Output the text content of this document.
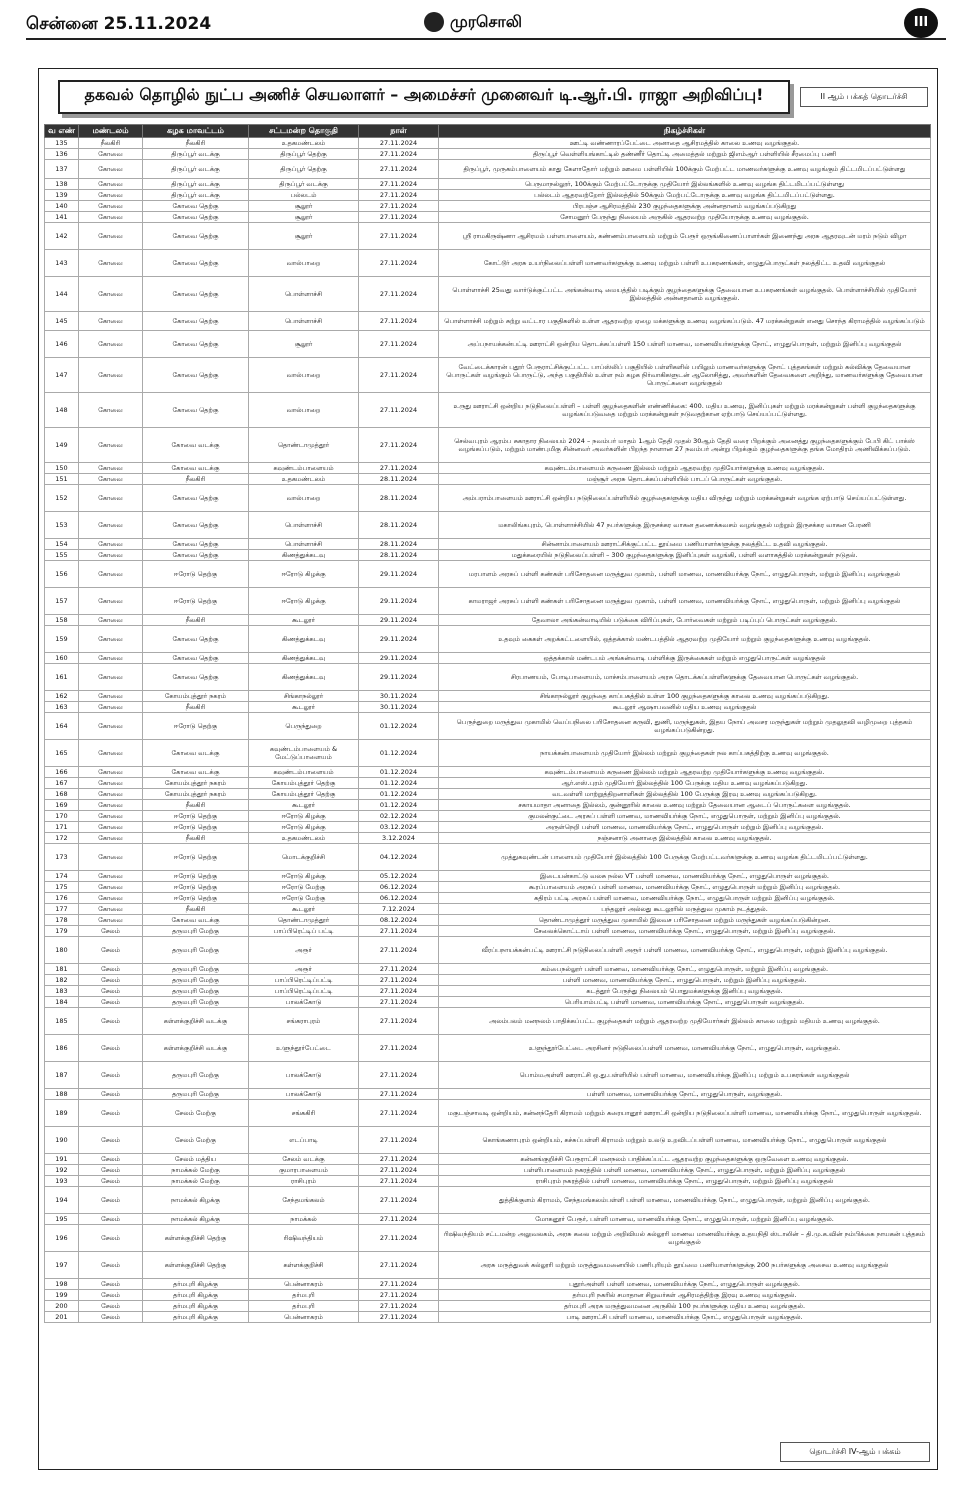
சென்னை 25.11.2024	முரசொலி	III
தகவல் தொழில் நுட்ப அணிச் செயலாளர் – அமைச்சர் முனைவர் டி.ஆர்.பி. ராஜா அறிவிப்பு!	II ஆம் பக்கத் தொடர்ச்சி
வ எண்	மண்டலம்	கழக மாவட்டம்	சட்டமன்ற தொகுதி	நாள்	நிகழ்ச்சிகள்
135	நீலகிரி	நீலகிரி	உதகமண்டலம்	27.11.2024	ஊட்டி வண்ணாரப்பேட்டை அனாதை ஆசிரமத்தில் காலை உணவு வழங்குதல்.
136	கோவை	திருப்பூர் வடக்கு	திருப்பூர் தெற்கு	27.11.2024	திருப்பூர் வெள்ளியங்காட்டில் தண்ணீர் தொட்டி அமைத்தல் மற்றும் ஜிஎம்ஆர் பள்ளியில் சீரமைப்பு பணி
137	கோவை	திருப்பூர் வடக்கு	திருப்பூர் தெற்கு	27.11.2024	திருப்பூர், முருகம்பாளையம் காது கேளாதோர் மற்றும் ஊமை பள்ளியில் 100க்கும் மேற்பட்ட மாணவர்களுக்கு உணவு வழங்கும் திட்டமிடப்பட்டுள்ளது
138	கோவை	திருப்பூர் வடக்கு	திருப்பூர் வடக்கு	27.11.2024	பெருமாநல்லூர், 100க்கும் மேற்பட்டோருக்கு முதியோர் இல்லங்களில் உணவு வழங்க திட்டமிடப்பட்டுள்ளது
139	கோவை	திருப்பூர் வடக்கு	பல்லடம்	27.11.2024	பல்லடம் ஆதரவற்றோர் இல்லத்தில் 50க்கும் மேற்பட்டோருக்கு உணவு வழங்க திட்டமிடப்பட்டுள்ளது.
140	கோவை	கோவை தெற்கு	சூலூர்	27.11.2024	பிரபஞ்ச ஆசிரமத்தில் 230 குழந்தைகளுக்கு அன்னதானம் வழங்கப்படுகிறது
141	கோவை	கோவை தெற்கு	சூலூர்	27.11.2024	சோமனூர் பேருந்து நிலையம் அருகில் ஆதரவற்ற முதியோருக்கு உணவு வழங்குதல்.
142	கோவை	கோவை தெற்கு	சூலூர்	27.11.2024	ஸ்ரீ ராமகிருஷ்ணா ஆசிரமம் பள்ளபாளையம், கண்ணம்பாளையம் மற்றும் பேரூர் ஒருங்கிணைப்பாளர்கள் இணைந்து அரசு ஆதரவுடன் மரம் நடும் விழா
143	கோவை	கோவை தெற்கு	வால்பாறை	27.11.2024	கோட்டூர் அரசு உயர்நிலைப்பள்ளி மாணவர்களுக்கு உணவு மற்றும் பள்ளி உபகரணங்கள், எழுதுபொருட்கள் நலத்திட்ட உதவி வழங்குதல்
144	கோவை	கோவை தெற்கு	பொள்ளாச்சி	27.11.2024	பொள்ளாச்சி 25வது வார்டுக்குட்பட்ட அங்கன்வாடி மையத்தில் படிக்கும் குழந்தைகளுக்கு தேவையான உபகரணங்கள் வழங்குதல். பொள்ளாச்சியில் முதியோர் இல்லத்தில் அன்னதானம் வழங்குதல்.
145	கோவை	கோவை தெற்கு	பொள்ளாச்சி	27.11.2024	பொள்ளாச்சி மற்றும் சுற்று வட்டார பகுதிகளில் உள்ள ஆதரவற்ற ஏழை மக்களுக்கு உணவு வழங்கப்படும். 47 மரக்கன்றுகள் எனது சொந்த கிராமத்தில் வழங்கப்படும்
146	கோவை	கோவை தெற்கு	சூலூர்	27.11.2024	அப்பநாயக்கன்பட்டி ஊராட்சி ஒன்றிய தொடக்கப்பள்ளி 150 பள்ளி மாணவ, மாணவியர்களுக்கு நோட், எழுதுபொருள், மற்றும் இனிப்பு வழங்குதல்
147	கோவை	கோவை தெற்கு	வால்பாறை	27.11.2024	வேட்டைக்காரன் புதூர் பேரூராட்சிக்குட்பட்ட பாப்ஸ்லிப் பகுதியில் பள்ளிகளில் பயிலும் மாணவர்களுக்கு நோட் புத்தகங்கள் மற்றும் கல்விக்கு தேவையான பொருட்கள் வழங்கும் பொருட்டு, அந்த பகுதியில் உள்ள நம் கழக நிர்வாகிகளுடன் ஆலோசித்து, அவர்களின் தேவைகளை அறிந்து, மாணவர்களுக்கு தேவையான பொருட்களை வழங்குதல்
148	கோவை	கோவை தெற்கு	வால்பாறை	27.11.2024	உருது ஊராட்சி ஒன்றிய நடுநிலைப்பள்ளி – பள்ளி குழந்தைகளின் எண்ணிக்கை: 400. மதிய உணவு, இனிப்புகள் மற்றும் மரக்கன்றுகள் பள்ளி குழந்தைகளுக்கு வழங்கப்படுவதை மற்றும் மரக்கன்றுகள் நடுவதற்கான ஏற்பாடு செய்யப்பட்டுள்ளது.
149	கோவை	கோவை வடக்கு	தொண்டாமுத்தூர்	27.11.2024	செல்வபுரம் ஆரம்ப சுகாதார நிலையம் 2024 – நவம்பர் மாதம் 1ஆம் தேதி முதல் 30ஆம் தேதி வரை பிறக்கும் அனைத்து குழந்தைகளுக்கும் பேபி கிட் பாக்ஸ் வழங்கப்படும், மற்றும் மாண்புமிகு சின்னவர் அவர்களின் பிறந்த நாளான 27 நவம்பர் அன்று பிறக்கும் குழந்தைகளுக்கு தங்க மோதிரம் அணிவிக்கப்படும்.
150	கோவை	கோவை வடக்கு	கவுண்டம்பாளையம்	27.11.2024	கவுண்டம்பாளையம் கருணை இல்லம் மற்றும் ஆதரவற்ற முதியோர்களுக்கு உணவு வழங்குதல்.
151	கோவை	நீலகிரி	உதகமண்டலம்	28.11.2024	மஞ்சூர் அரசு தொடக்கப்பள்ளியில் பாடப் பொருட்கள் வழங்குதல்.
152	கோவை	கோவை தெற்கு	வால்பாறை	28.11.2024	அம்பராம்பாளையம் ஊராட்சி ஒன்றிய நடுநிலைப்பள்ளியில் குழந்தைகளுக்கு மதிய விருந்து மற்றும் மரக்கன்றுகள் வழங்க ஏற்பாடு செய்யப்பட்டுள்ளது.
153	கோவை	கோவை தெற்கு	பொள்ளாச்சி	28.11.2024	மகாலிங்கபுரம், பொள்ளாச்சியில் 47 நபர்களுக்கு இருசக்கர வாகன தணைக்கவசம் வழங்குதல் மற்றும் இருசக்கர வாகன பேரணி
154	கோவை	கோவை தெற்கு	பொள்ளாச்சி	28.11.2024	சின்னாம்பாளையம் ஊராட்சிக்குட்பட்ட தூய்மை பணியாளர்களுக்கு நலத்திட்ட உதவி வழங்குதல்.
155	கோவை	கோவை தெற்கு	கிணத்துக்கடவு	28.11.2024	மதுக்கரையில் நடுநிலைப்பள்ளி – 300 குழந்தைகளுக்கு இனிப்புகள் வழங்கி, பள்ளி வளாகத்தில் மரக்கன்றுகள் நடுதல்.
156	கோவை	ஈரோடு தெற்கு	ஈரோடு கிழக்கு	29.11.2024	மரபாளம் அரசுப் பள்ளி கண்கள் பரிசோதனை மருத்துவ முகாம், பள்ளி மாணவ, மாணவியர்க்கு நோட், எழுதுபொருள், மற்றும் இனிப்பு வழங்குதல்
157	கோவை	ஈரோடு தெற்கு	ஈரோடு கிழக்கு	29.11.2024	காமராஜர் அரசுப் பள்ளி கண்கள் பரிசோதனை மருத்துவ முகாம், பள்ளி மாணவ, மாணவியர்க்கு நோட், எழுதுபொருள், மற்றும் இனிப்பு வழங்குதல்
158	கோவை	நீலகிரி	கூடலூர்	29.11.2024	தேவாலா அங்கன்வாடியில் படுக்கை விரிப்புகள், போர்வைகள் மற்றும் படிப்புப் பொருட்கள் வழங்குதல்.
159	கோவை	கோவை தெற்கு	கிணத்துக்கடவு	29.11.2024	உதவும் கைகள் அறக்கட்டளையில், ஒத்தக்கால் மண்டபத்தில் ஆதரவற்ற முதியோர் மற்றும் குழந்தைகளுக்கு உணவு வழங்குதல்.
160	கோவை	கோவை தெற்கு	கிணத்துக்கடவு	29.11.2024	ஒத்தக்கால் மண்டபம் அங்கன்வாடி பள்ளிக்கு இருக்கைகள் மற்றும் எழுதுபொருட்கள் வழங்குதல்
161	கோவை	கோவை தெற்கு	கிணத்துக்கடவு	29.11.2024	சிரபாணயம், போடிபாளையம், மாச்சம்பாளையம் அரசு தொடக்கப்பள்ளிகளுக்கு தேவையான பொருட்கள் வழங்குதல்.
162	கோவை	கோயம்புத்தூர் நகரம்	சிங்காநல்லூர்	30.11.2024	சிங்காநல்லூர் குழந்தை காப்பகத்தில் உள்ள 100 குழந்தைகளுக்கு காலை உணவு வழங்கப்படுகிறது.
163	கோவை	நீலகிரி	கூடலூர்	30.11.2024	கூடலூர் ஆஷாபவனில் மதிய உணவு வழங்குதல்
164	கோவை	ஈரோடு தெற்கு	பெருந்துறை	01.12.2024	பெருந்துறை மருத்துவ முகாமில் வெப்பநிலை பரிசோதனை கருவி, துணி, மருந்துகள், இதய நோய் அவசர மருந்துகள் மற்றும் முதலுதவி வழிமுறை புத்தகம் வழங்கப்படுகின்றது.
165	கோவை	கோவை வடக்கு	கவுண்டம்பாளையம் & மேட்டுப்பாளையம்	01.12.2024	நாயக்கன்பாளையம் முதியோர் இல்லம் மற்றும் குழந்தைகள் நல காப்பகத்திற்கு உணவு வழங்குதல்.
166	கோவை	கோவை வடக்கு	கவுண்டம்பாளையம்	01.12.2024	கவுண்டம்பாளையம் கருணை இல்லம் மற்றும் ஆதரவற்ற முதியோர்களுக்கு உணவு வழங்குதல்.
167	கோவை	கோயம்புத்தூர் நகரம்	கோயம்புத்தூர் தெற்கு	01.12.2024	ஆர்.எஸ்.புரம் முதியோர் இல்லத்தில் 100 பேருக்கு மதிய உணவு வழங்கப்படுகிறது.
168	கோவை	கோயம்புத்தூர் நகரம்	கோயம்புத்தூர் தெற்கு	01.12.2024	வடவள்ளி மாற்றுத்திறனாளிகள் இல்லத்தில் 100 பேருக்கு இரவு உணவு வழங்கப்படுகிறது.
169	கோவை	நீலகிரி	கூடலூர்	01.12.2024	சகாயமாதா அனாதை இல்லம், குன்னூரில் காலை உணவு மற்றும் தேவையான ஆடைப் பொருட்களை வழங்குதல்.
170	கோவை	ஈரோடு தெற்கு	ஈரோடு கிழக்கு	02.12.2024	குமலன்குட்டை அரசுப் பள்ளி மாணவ, மாணவியர்க்கு நோட், எழுதுபொருள், மற்றும் இனிப்பு வழங்குதல்.
171	கோவை	ஈரோடு தெற்கு	ஈரோடு கிழக்கு	03.12.2024	அருள்நெறி பள்ளி மாணவ, மாணவியர்க்கு நோட், எழுதுபொருள் மற்றும் இனிப்பு வழங்குதல்.
172	கோவை	நீலகிரி	உதகமண்டலம்	3.12.2024	நஞ்சனாடு அனாதை இல்லத்தில் காலை உணவு வழங்குதல்.
173	கோவை	ஈரோடு தெற்கு	மொடக்குறிச்சி	04.12.2024	முத்துகவுண்டன் பாளையம் முதியோர் இல்லத்தில் 100 பேருக்கு மேற்பட்டவர்களுக்கு உணவு வழங்க திட்டமிடப்பட்டுள்ளது.
174	கோவை	ஈரோடு தெற்கு	ஈரோடு கிழக்கு	05.12.2024	இடையன்காட்டு வலசு நல்ல VT பள்ளி மாணவ, மாணவியர்க்கு நோட், எழுதுபொருள் வழங்குதல்.
175	கோவை	ஈரோடு தெற்கு	ஈரோடு மேற்கு	06.12.2024	கூரப்பாளையம் அரசுப் பள்ளி மாணவ, மாணவியர்க்கு நோட், எழுதுபொருள் மற்றும் இனிப்பு வழங்குதல்.
176	கோவை	ஈரோடு தெற்கு	ஈரோடு மேற்கு	06.12.2024	கதிரம் பட்டி அரசுப் பள்ளி மாணவ, மாணவியர்க்கு நோட், எழுதுபொருள் மற்றும் இனிப்பு வழங்குதல்.
177	கோவை	நீலகிரி	கூடலூர்	7.12.2024	பந்தலூர் அல்லது கூடலூரில் மருத்துவ முகாம் நடத்துதல்.
178	கோவை	கோவை வடக்கு	தொண்டாமுத்தூர்	08.12.2024	தொண்டாமுத்தூர் மருத்துவ முகாமில் இலவச பரிசோதனை மற்றும் மருந்துகள் வழங்கப்படுகின்றன.
179	சேலம்	தருமபுரி மேற்கு	பாப்பிரெட்டிப் பட்டி	27.11.2024	சேலைக்கொட்டாய் பள்ளி மாணவ, மாணவியர்க்கு நோட், எழுதுபொருள், மற்றும் இனிப்பு வழங்குதல்.
180	சேலம்	தருமபுரி மேற்கு	அரூர்	27.11.2024	வீரப்பநாயக்கன்பட்டி ஊராட்சி நடுநிலைப்பள்ளி அரூர் பள்ளி மாணவ, மாணவியர்க்கு நோட், எழுதுபொருள், மற்றும் இனிப்பு வழங்குதல்.
181	சேலம்	தருமபுரி மேற்கு	அரூர்	27.11.2024	கம்பைநல்லூர் பள்ளி மாணவ, மாணவியர்க்கு நோட், எழுதுபொருள், மற்றும் இனிப்பு வழங்குதல்.
182	சேலம்	தருமபுரி மேற்கு	பாப்பிரெட்டிப்பட்டி	27.11.2024	பள்ளி மாணவ, மாணவியர்க்கு நோட், எழுதுபொருள், மற்றும் இனிப்பு வழங்குதல்.
183	சேலம்	தருமபுரி மேற்கு	பாப்பிரெட்டிப்பட்டி	27.11.2024	கடத்தூர் பேருந்து நிலையம் பொதுமக்களுக்கு இனிப்பு வழங்குதல்.
184	சேலம்	தருமபுரி மேற்கு	பாலக்கோடு	27.11.2024	பெரியாம்பட்டி பள்ளி மாணவ, மாணவியர்க்கு நோட், எழுதுபொருள் வழங்குதல்.
185	சேலம்	கள்ளக்குறிச்சி வடக்கு	சங்கராபுரம்	27.11.2024	அலம்பலம் மனநலம் பாதிக்கப்பட்ட குழந்தைகள் மற்றும் ஆதரவற்ற முதியோர்கள் இல்லம் காலை மற்றும் மதியம் உணவு வழங்குதல்.
186	சேலம்	கள்ளக்குறிச்சி வடக்கு	உளுந்தூர்பேட்டை	27.11.2024	உளுந்தூர்பேட்டை அரசினர் நடுநிலைப்பள்ளி மாணவ, மாணவியர்க்கு நோட், எழுதுபொருள், வழங்குதல்.
187	சேலம்	தருமபுரி மேற்கு	பாலக்கோடு	27.11.2024	பொம்மஅள்ளி ஊராட்சி ஒ.து.பள்ளியில் பள்ளி மாணவ, மாணவியர்க்கு இனிப்பு மற்றும் உபகரங்கள் வழங்குதல்
188	சேலம்	தருமபுரி மேற்கு	பாலக்கோடு	27.11.2024	பள்ளி மாணவ, மாணவியர்க்கு நோட், எழுதுபொருள், வழங்குதல்.
189	சேலம்	சேலம் மேற்கு	சங்ககிரி	27.11.2024	மகுடஞ்சாவடி ஒன்றியம், கன்னந்தேரி கிராமம் மற்றும் கரையானூர் ஊராட்சி ஒன்றிய நடுநிலைப்பள்ளி மாணவ, மாணவியர்க்கு நோட், எழுதுபொருள் வழங்குதல்.
190	சேலம்	சேலம் மேற்கு	எடப்பாடி	27.11.2024	கொங்கணாபுரம் ஒன்றியம், கச்சுப்பள்ளி கிராமம் மற்றும் உலடு உறவிடப்பள்ளி மாணவ, மாணவியர்க்கு நோட், எழுதுபொருள் வழங்குதல்
191	சேலம்	சேலம் மத்திய	சேலம் வடக்கு	27.11.2024	கன்னங்குறிச்சி பேரூராட்சி மனநலம் பாதிக்கப்பட்ட ஆதரவற்ற குழந்தைகளுக்கு ஒருவேளை உணவு வழங்குதல்.
192	சேலம்	நாமக்கல் மேற்கு	குமாரபாளையம்	27.11.2024	பள்ளிபாளையம் நகரத்தில் பள்ளி மாணவ, மாணவியர்க்கு நோட், எழுதுபொருள், மற்றும் இனிப்பு வழங்குதல்
193	சேலம்	நாமக்கல் மேற்கு	ராசிபுரம்	27.11.2024	ராசிபுரம் நகரத்தில் பள்ளி மாணவ, மாணவியர்க்கு நோட், எழுதுபொருள், மற்றும் இனிப்பு வழங்குதல்
194	சேலம்	நாமக்கல் கிழக்கு	சேந்தமங்கலம்	27.11.2024	துத்திக்குளம் கிராமம், சேந்தமங்கலம்பள்ளி பள்ளி மாணவ, மாணவியர்க்கு நோட், எழுதுபொருள், மற்றும் இனிப்பு வழங்குதல்.
195	சேலம்	நாமக்கல் கிழக்கு	நாமக்கல்	27.11.2024	மோகனூர் பேரூர், பள்ளி மாணவ, மாணவியர்க்கு நோட், எழுதுபொருள், மற்றும் இனிப்பு வழங்குதல்.
196	சேலம்	கள்ளக்குறிச்சி தெற்கு	ரிஷிவந்தியம்	27.11.2024	ரிஷிவந்தியம் சட்டமன்ற அலுவலகம், அரசு கலை மற்றும் அறிவியல் கல்லூரி மாணவ மாணவியர்க்கு உதயநிதி ஸ்டாலின் – தி.மு.க.வின் நம்பிக்கை நாயகன் புத்தகம் வழங்குதல்
197	சேலம்	கள்ளக்குறிச்சி தெற்கு	கள்ளக்குறிச்சி	27.11.2024	அரசு மருத்துவக் கல்லூரி மற்றும் மருத்துவமனையில் பணிபுரியும் தூய்மை பணியாளர்களுக்கு 200 நபர்களுக்கு அசைவ உணவு வழங்குதல்
198	சேலம்	தர்மபுரி கிழக்கு	பென்னாகரம்	27.11.2024	புதூர்அள்ளி பள்ளி மாணவ, மாணவியர்க்கு நோட், எழுதுபொருள் வழங்குதல்.
199	சேலம்	தர்மபுரி கிழக்கு	தர்மபுரி	27.11.2024	தர்மபுரி நகரில் சமாதான சிறுவர்கள் ஆசிரமத்திற்கு இரவு உணவு வழங்குதல்.
200	சேலம்	தர்மபுரி கிழக்கு	தர்மபுரி	27.11.2024	தர்மபுரி அரசு மருத்துவமனை அருகில் 100 நபர்களுக்கு மதிய உணவு வழங்குதல்.
201	சேலம்	தர்மபுரி கிழக்கு	பென்னாகரம்	27.11.2024	பாடி ஊராட்சி பள்ளி மாணவ, மாணவியர்க்கு நோட், எழுதுபொருள் வழங்குதல்.
தொடர்ச்சி IV-ஆம் பக்கம்
